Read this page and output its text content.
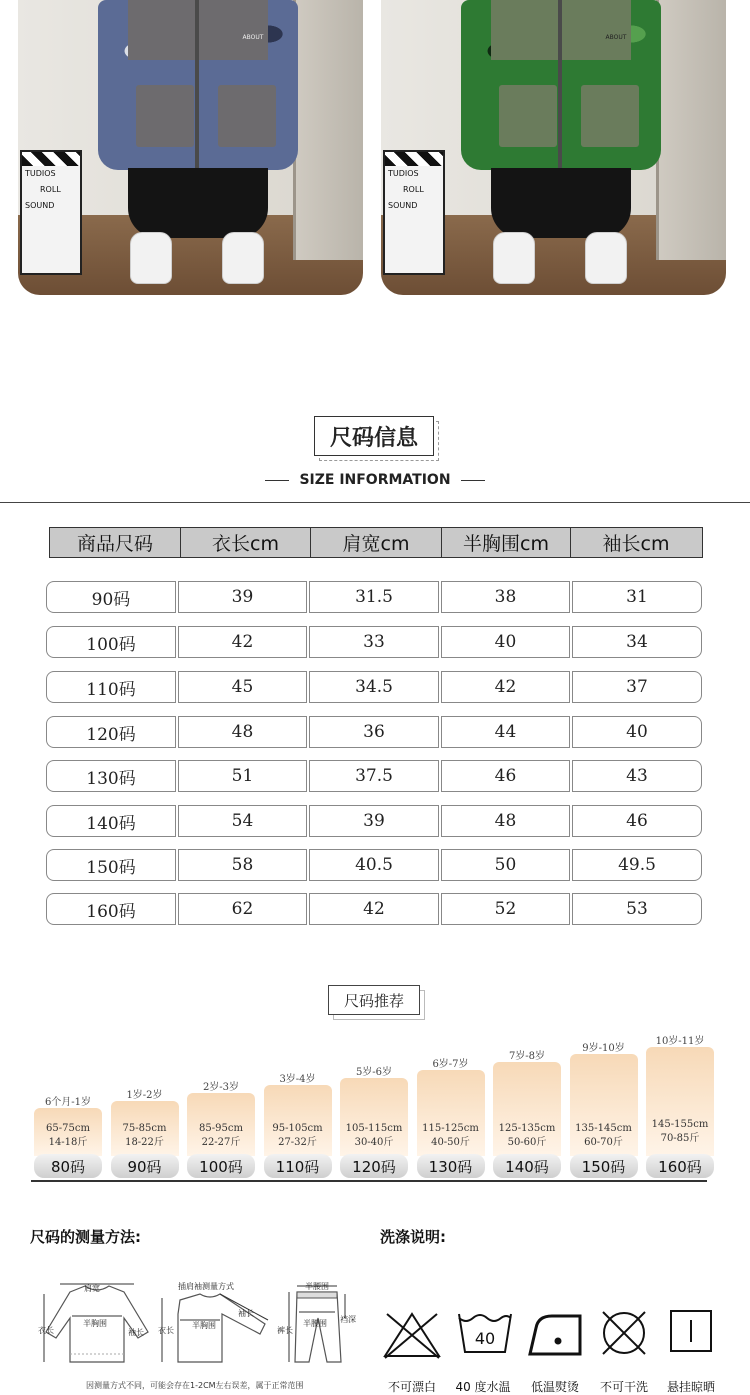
TUDIOS
ROLL
SOUND
ABOUT
TUDIOS
ROLL
SOUND
ABOUT
尺码信息
SIZE INFORMATION
商品尺码	衣长cm	肩宽cm	半胸围cm	袖长cm
90码	39	31.5	38	31
100码	42	33	40	34
110码	45	34.5	42	37
120码	48	36	44	40
130码	51	37.5	46	43
140码	54	39	48	46
150码	58	40.5	50	49.5
160码	62	42	52	53
尺码推荐
6个月-1岁
65-75cm
14-18斤
80码
1岁-2岁
75-85cm
18-22斤
90码
2岁-3岁
85-95cm
22-27斤
100码
3岁-4岁
95-105cm
27-32斤
110码
5岁-6岁
105-115cm
30-40斤
120码
6岁-7岁
115-125cm
40-50斤
130码
7岁-8岁
125-135cm
50-60斤
140码
9岁-10岁
135-145cm
60-70斤
150码
10岁-11岁
145-155cm
70-85斤
160码
尺码的测量方法:
肩宽
半胸围
衣长	袖长
插肩袖测量方式
半胸围
衣长
袖长
半腰围
半腰围
裤长
裆深
因测量方式不同，可能会存在1-2CM左右误差，属于正常范围
洗涤说明:
40
不可漂白	40 度水温	低温熨烫	不可干洗	悬挂晾晒
